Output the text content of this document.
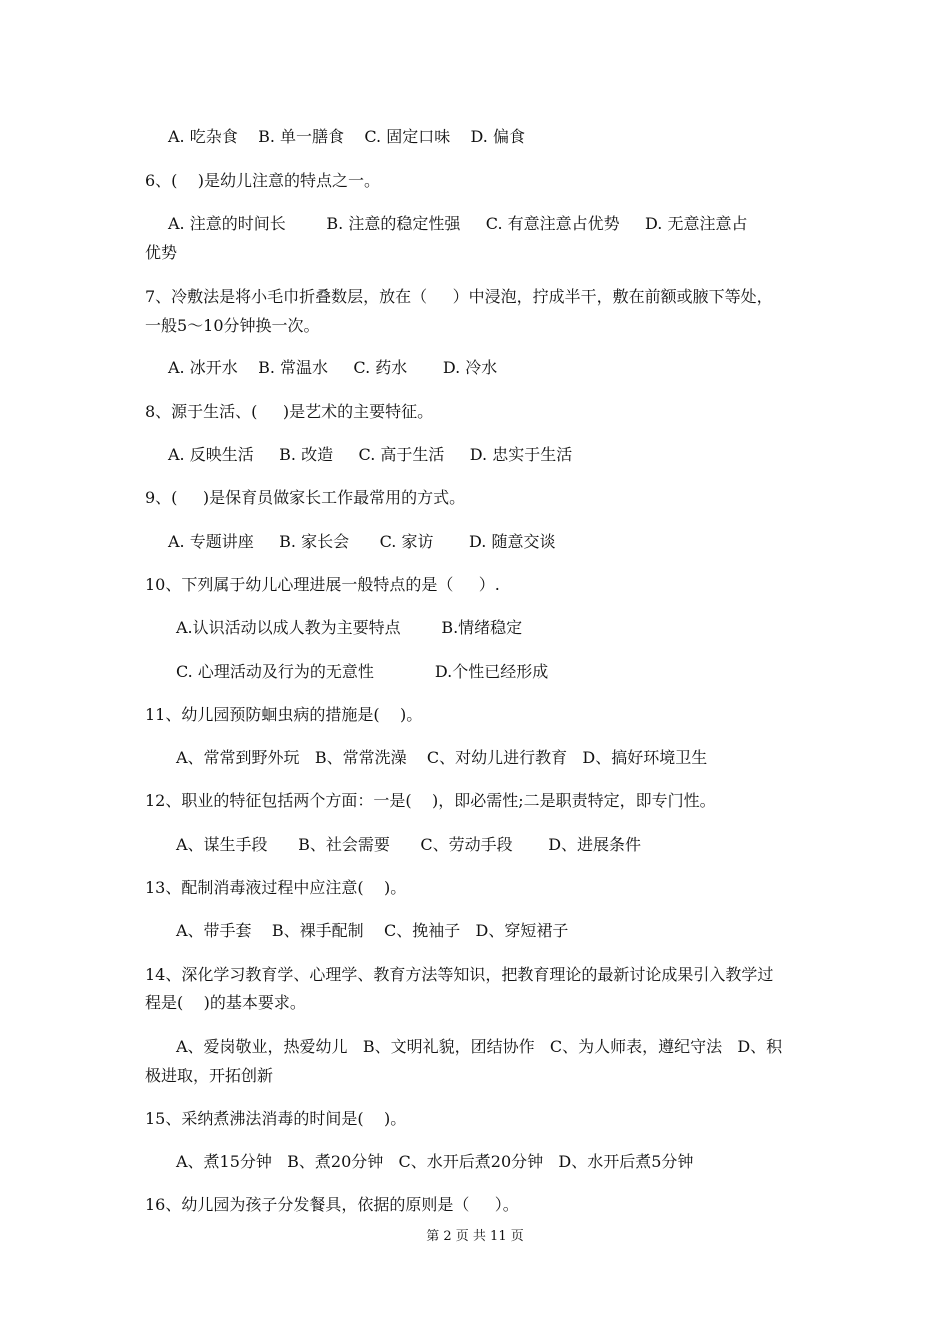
A. 吃杂食    B. 单一膳食    C. 固定口味    D. 偏食
6、(    )是幼儿注意的特点之一。
A. 注意的时间长        B. 注意的稳定性强     C. 有意注意占优势     D. 无意注意占
优势
7、冷敷法是将小毛巾折叠数层，放在（     ）中浸泡，拧成半干，敷在前额或腋下等处，
一般5～10分钟换一次。
A. 冰开水    B. 常温水     C. 药水       D. 冷水
8、源于生活、(     )是艺术的主要特征。
A. 反映生活     B. 改造     C. 高于生活     D. 忠实于生活
9、(     )是保育员做家长工作最常用的方式。
A. 专题讲座     B. 家长会      C. 家访       D. 随意交谈
10、下列属于幼儿心理进展一般特点的是（     ）.
A.认识活动以成人教为主要特点        B.情绪稳定
C. 心理活动及行为的无意性            D.个性已经形成
11、幼儿园预防蛔虫病的措施是(    )。
A、常常到野外玩   B、常常洗澡    C、对幼儿进行教育   D、搞好环境卫生
12、职业的特征包括两个方面：一是(    )，即必需性;二是职责特定，即专门性。
A、谋生手段      B、社会需要      C、劳动手段       D、进展条件
13、配制消毒液过程中应注意(    )。
A、带手套    B、裸手配制    C、挽袖子   D、穿短裙子
14、深化学习教育学、心理学、教育方法等知识，把教育理论的最新讨论成果引入教学过
程是(    )的基本要求。
A、爱岗敬业，热爱幼儿   B、文明礼貌，团结协作   C、为人师表，遵纪守法   D、积
极进取，开拓创新
15、采纳煮沸法消毒的时间是(    )。
A、煮15分钟   B、煮20分钟   C、水开后煮20分钟   D、水开后煮5分钟
16、幼儿园为孩子分发餐具，依据的原则是（     ）。
第 2 页 共 11 页
